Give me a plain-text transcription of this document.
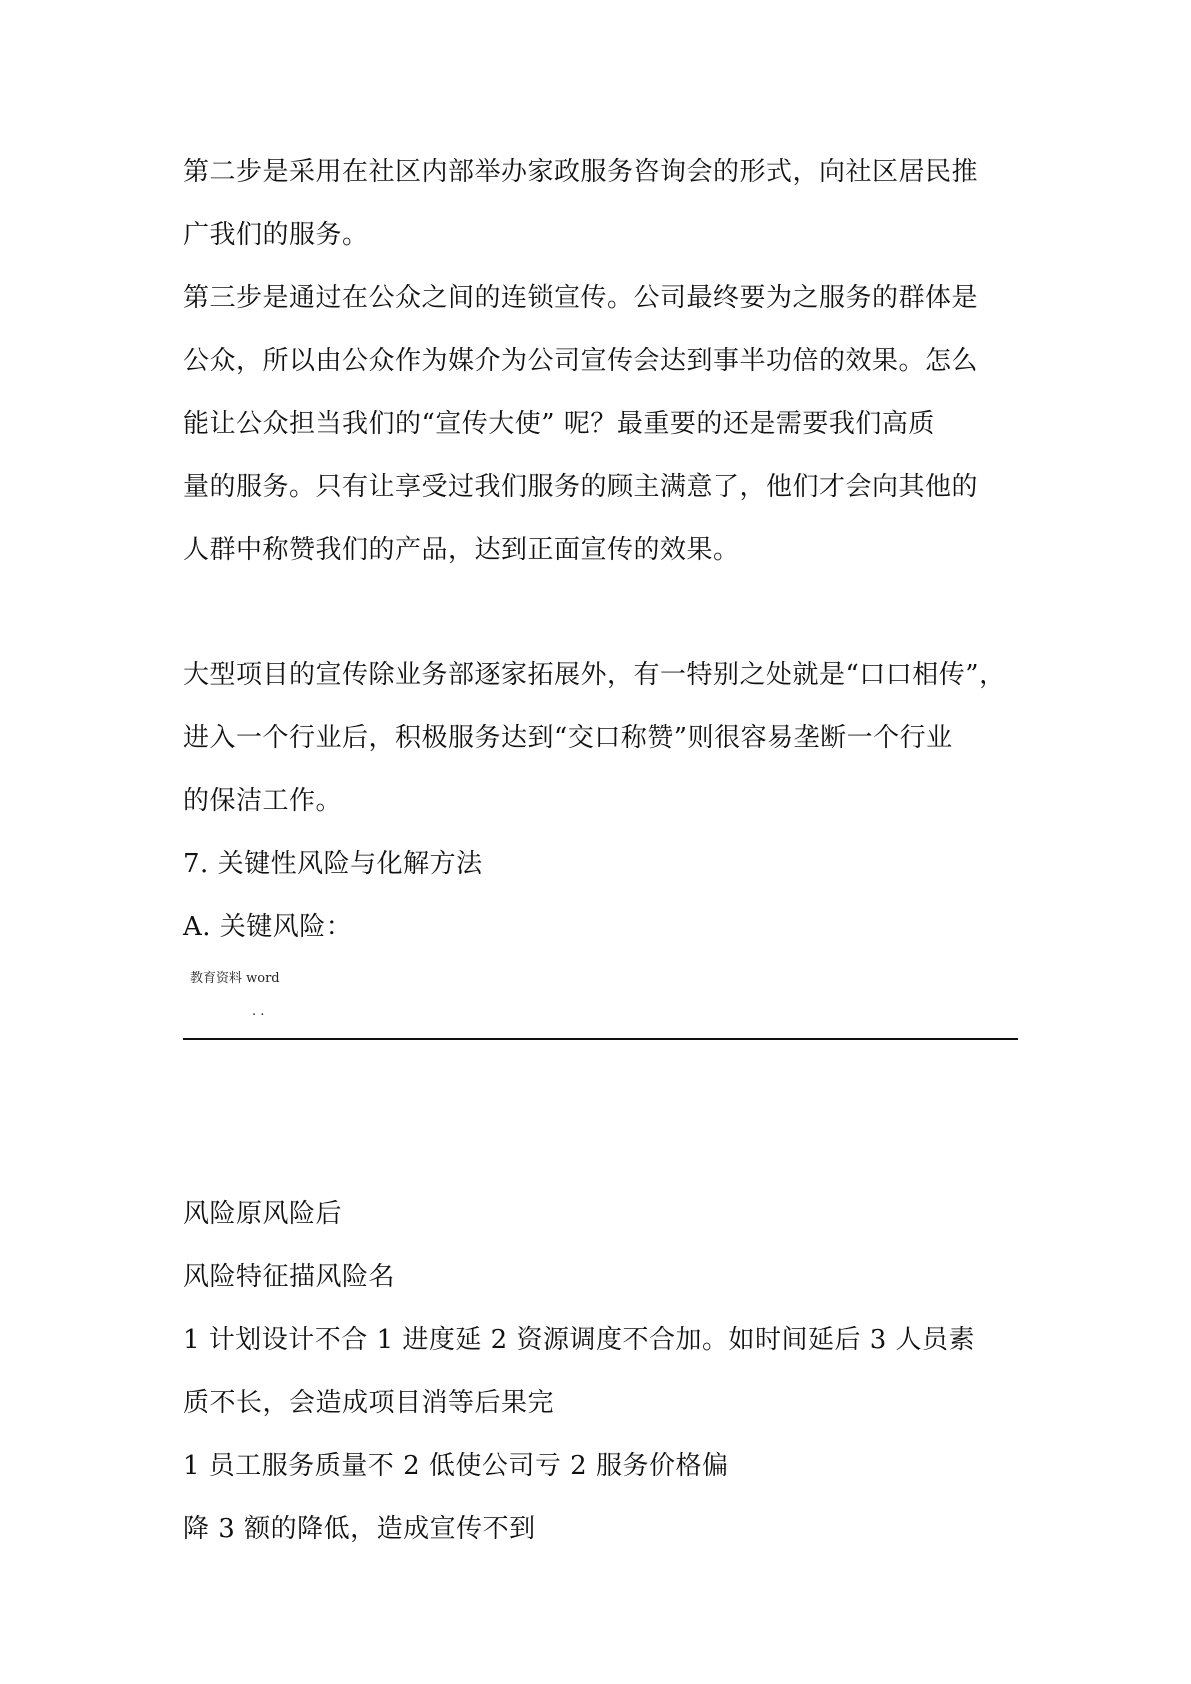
第二步是采用在社区内部举办家政服务咨询会的形式，向社区居民推
广我们的服务。
第三步是通过在公众之间的连锁宣传。公司最终要为之服务的群体是
公众，所以由公众作为媒介为公司宣传会达到事半功倍的效果。怎么
能让公众担当我们的“宣传大使” 呢？最重要的还是需要我们高质
量的服务。只有让享受过我们服务的顾主满意了，他们才会向其他的
人群中称赞我们的产品，达到正面宣传的效果。
大型项目的宣传除业务部逐家拓展外，有一特别之处就是“口口相传”，
进入一个行业后，积极服务达到“交口称赞”则很容易垄断一个行业
的保洁工作。
7. 关键性风险与化解方法
A. 关键风险：
教育资料 word
. .
风险原风险后
风险特征描风险名
1 计划设计不合 1 进度延 2 资源调度不合加。如时间延后 3 人员素
质不长，会造成项目消等后果完
1 员工服务质量不 2 低使公司亏 2 服务价格偏
降 3 额的降低，造成宣传不到
